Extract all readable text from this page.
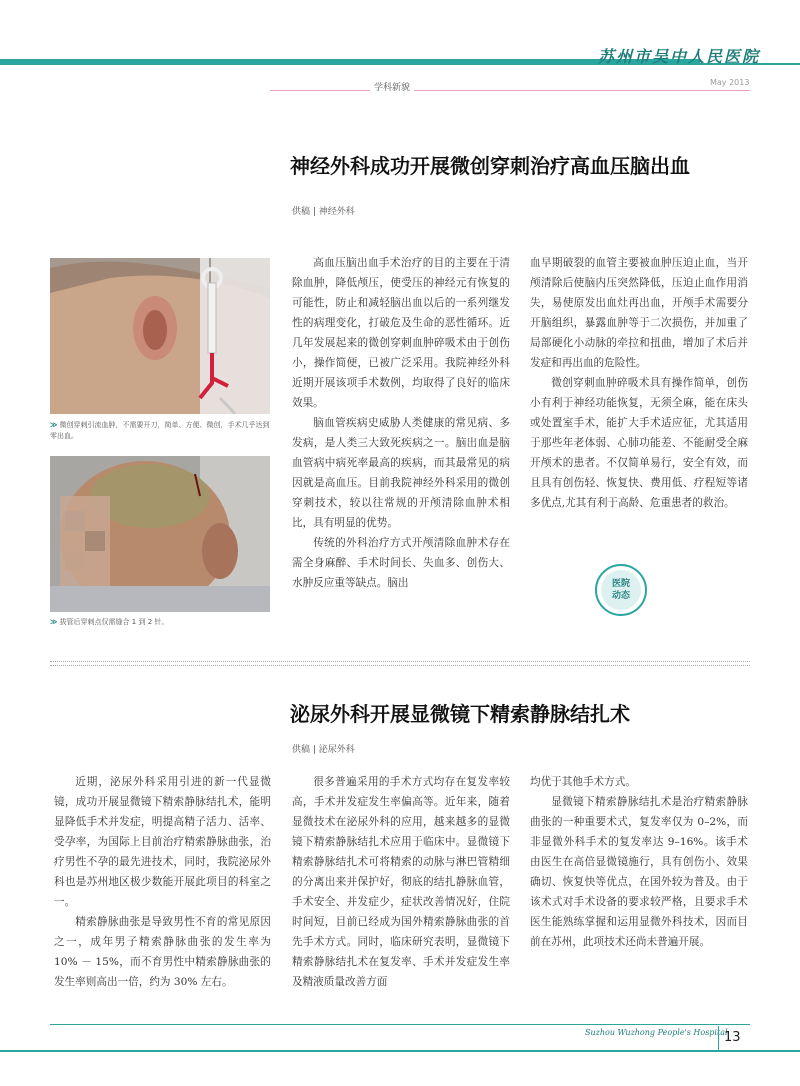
苏州市吴中人民医院
May 2013
学科新貌
神经外科成功开展微创穿刺治疗高血压脑出血
供稿 | 神经外科
≫ 微创穿刺引流血肿，不需要开刀，简单、方便、微创，手术几乎达到零出血。
≫ 拔管后穿刺点仅需缝合 1 到 2 针。

高血压脑出血手术治疗的目的主要在于清除血肿，降低颅压，使受压的神经元有恢复的可能性，防止和减轻脑出血以后的一系列继发性的病理变化，打破危及生命的恶性循环。近几年发展起来的微创穿刺血肿碎吸术由于创伤小，操作简便，已被广泛采用。我院神经外科近期开展该项手术数例，均取得了良好的临床效果。

脑血管疾病史威胁人类健康的常见病、多发病，是人类三大致死疾病之一。脑出血是脑血管病中病死率最高的疾病，而其最常见的病因就是高血压。目前我院神经外科采用的微创穿刺技术，较以往常规的开颅清除血肿术相比，具有明显的优势。

传统的外科治疗方式开颅清除血肿术存在需全身麻醉、手术时间长、失血多、创伤大、水肿反应重等缺点。脑出

血早期破裂的血管主要被血肿压迫止血，当开颅清除后使脑内压突然降低，压迫止血作用消失，易使原发出血灶再出血，开颅手术需要分开脑组织，暴露血肿等于二次损伤，并加重了局部硬化小动脉的牵拉和扭曲，增加了术后并发症和再出血的危险性。

微创穿刺血肿碎吸术具有操作简单，创伤小有利于神经功能恢复，无须全麻，能在床头或处置室手术，能扩大手术适应征，尤其适用于那些年老体弱、心肺功能差、不能耐受全麻开颅术的患者。不仅简单易行，安全有效，而且具有创伤轻、恢复快、费用低、疗程短等诸多优点,尤其有利于高龄、危重患者的救治。

医院
动态
泌尿外科开展显微镜下精索静脉结扎术
供稿 | 泌尿外科

近期，泌尿外科采用引进的新一代显微镜，成功开展显微镜下精索静脉结扎术，能明显降低手术并发症，明提高精子活力、活率、受孕率，为国际上目前治疗精索静脉曲张，治疗男性不孕的最先进技术，同时，我院泌尿外科也是苏州地区极少数能开展此项目的科室之一。

精索静脉曲张是导致男性不育的常见原因之一，成年男子精索静脉曲张的发生率为 10% － 15%，而不育男性中精索静脉曲张的发生率则高出一倍，约为 30% 左右。

很多普遍采用的手术方式均存在复发率较高，手术并发症发生率偏高等。近年来，随着显微技术在泌尿外科的应用，越来越多的显微镜下精索静脉结扎术应用于临床中。显微镜下精索静脉结扎术可将精索的动脉与淋巴管精细的分离出来并保护好，彻底的结扎静脉血管，手术安全、并发症少，症状改善情况好，住院时间短，目前已经成为国外精索静脉曲张的首先手术方式。同时，临床研究表明，显微镜下精索静脉结扎术在复发率、手术并发症发生率及精液质量改善方面

均优于其他手术方式。

显微镜下精索静脉结扎术是治疗精索静脉曲张的一种重要术式，复发率仅为 0–2%，而非显微外科手术的复发率达 9–16%。该手术由医生在高倍显微镜施行，具有创伤小、效果确切、恢复快等优点，在国外较为普及。由于该术式对手术设备的要求较严格，且要求手术医生能熟练掌握和运用显微外科技术，因而目前在苏州，此项技术还尚未普遍开展。

Suzhou Wuzhong People's Hospital
13
